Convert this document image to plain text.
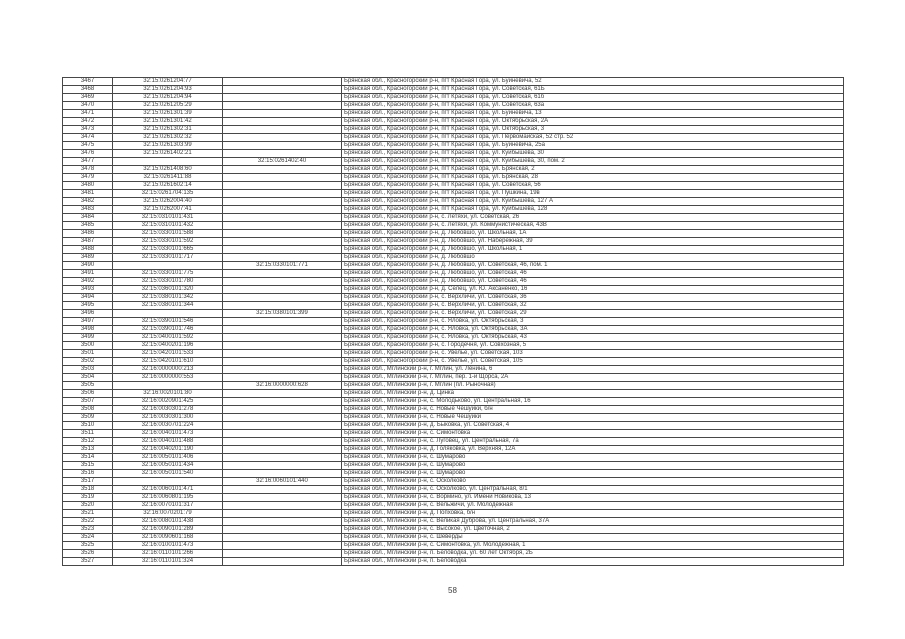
3467	32:15:0261204:77		Брянская обл., Красногорский р-н, пгт Красная Гора, ул. Буйневича, 52
3468	32:15:0261204:93		Брянская обл., Красногорский р-н, пгт Красная Гора, ул. Советская, 61Б
3469	32:15:0261204:94		Брянская обл., Красногорский р-н, пгт Красная Гора, ул. Советская, 61б
3470	32:15:0261205:29		Брянская обл., Красногорский р-н, пгт Красная Гора, ул. Советская, 63а
3471	32:15:0261301:39		Брянская обл., Красногорский р-н, пгт Красная Гора, ул. Буйневича, 13
3472	32:15:0261301:42		Брянская обл., Красногорский р-н, пгт Красная Гора, ул. Октябрьская, 2А
3473	32:15:0261302:31		Брянская обл., Красногорский р-н, пгт Красная Гора, ул. Октябрьская, 3
3474	32:15:0261302:32		Брянская обл., Красногорский р-н, пгт Красная Гора, ул. Первомайская, 52 стр. 52
3475	32:15:0261303:99		Брянская обл., Красногорский р-н, пгт Красная Гора, ул. Буйневича, 25а
3476	32:15:0261402:21		Брянская обл., Красногорский р-н, пгт Красная Гора, ул. Куйбышева, 30
3477		32:15:0261402:40	Брянская обл., Красногорский р-н, пгт Красная Гора, ул. Куйбышева, 30, пом. 2
3478	32:15:0261408:60		Брянская обл., Красногорский р-н, пгт Красная Гора, ул. Брянская, 2
3479	32:15:0261411:88		Брянская обл., Красногорский р-н, пгт Красная Гора, ул. Брянская, 28
3480	32:15:0261602:14		Брянская обл., Красногорский р-н, пгт Красная Гора, ул. Советская, 56
3481	32:15:0261704:135		Брянская обл., Красногорский р-н, пгт Красная Гора, ул. Пушкина, 19в
3482	32:15:0262004:40		Брянская обл., Красногорский р-н, пгт Красная Гора, ул. Куйбышева, 127 А
3483	32:15:0262007:41		Брянская обл., Красногорский р-н, пгт Красная Гора, ул. Куйбышева, 128
3484	32:15:0310101:431		Брянская обл., Красногорский р-н, с. Летяхи, ул. Советская, 26
3485	32:15:0310101:432		Брянская обл., Красногорский р-н, с. Летяхи, ул. Коммунистическая, 43В
3486	32:15:0330101:588		Брянская обл., Красногорский р-н, д. Любовшо, ул. Школьная, 1А
3487	32:15:0330101:592		Брянская обл., Красногорский р-н, д. Любовшо, ул. Набережная, 39
3488	32:15:0330101:665		Брянская обл., Красногорский р-н, д. Любовшо, ул. Школьная, 1
3489	32:15:0330101:717		Брянская обл., Красногорский р-н, д. Любовшо
3490		32:15:0330101:771	Брянская обл., Красногорский р-н, д. Любовшо, ул. Советская, 46, пом. 1
3491	32:15:0330101:775		Брянская обл., Красногорский р-н, д. Любовшо, ул. Советская, 46
3492	32:15:0330101:780		Брянская обл., Красногорский р-н, д. Любовшо, ул. Советская, 46
3493	32:15:0360101:320		Брянская обл., Красногорский р-н, д. Селец, ул. Ю. Аксаненко, 16
3494	32:15:0380101:342		Брянская обл., Красногорский р-н, с. Верхличи, ул. Советская, 36
3495	32:15:0380101:344		Брянская обл., Красногорский р-н, с. Верхличи, ул. Советская, 32
3496		32:15:0380101:399	Брянская обл., Красногорский р-н, с. Верхличи, ул. Советская, 29
3497	32:15:0390101:546		Брянская обл., Красногорский р-н, с. Яловка, ул. Октябрьская, 3
3498	32:15:0390101:746		Брянская обл., Красногорский р-н, с. Яловка, ул. Октябрьская, 3А
3499	32:15:0400101:592		Брянская обл., Красногорский р-н, с. Яловка, ул. Октябрьская, 43
3500	32:15:0400201:196		Брянская обл., Красногорский р-н, с. Городечня, ул. Совхозная, 5
3501	32:15:0420101:533		Брянская обл., Красногорский р-н, с. Увелье, ул. Советская, 103
3502	32:15:0420101:610		Брянская обл., Красногорский р-н, с. Увелье, ул. Советская, 105
3503	32:16:0000000:213		Брянская обл., Мглинский р-н, г. Мглин, ул. Ленина, 6
3504	32:16:0000000:553		Брянская обл., Мглинский р-н, г. Мглин, пер. 1-й Щорса, 2А
3505		32:16:0000000:628	Брянская обл., Мглинский р-н, г. Мглин (пл. Рыночная)
3506	32:16:0020101:80		Брянская обл., Мглинский р-н, д. Цинка
3507	32:16:0020901:425		Брянская обл., Мглинский р-н, с. Молодьково, ул. Центральная, 16
3508	32:16:0030301:278		Брянская обл., Мглинский р-н, с. Новые Чешуйки, б/н
3509	32:16:0030301:300		Брянская обл., Мглинский р-н, с. Новые Чешуйки
3510	32:16:0030701:224		Брянская обл., Мглинский р-н, д. Быковка, ул. Советская, 4
3511	32:16:0040101:473		Брянская обл., Мглинский р-н, с. Симонтовка
3512	32:16:0040101:488		Брянская обл., Мглинский р-н, с. Луговец, ул. Центральная, 7а
3513	32:16:0040201:190		Брянская обл., Мглинский р-н, д. Голяковка, ул. Верхняя, 12А
3514	32:16:0050101:406		Брянская обл., Мглинский р-н, с. Шумарово
3515	32:16:0050101:434		Брянская обл., Мглинский р-н, с. Шумарово
3516	32:16:0050101:540		Брянская обл., Мглинский р-н, с. Шумарово
3517		32:16:0060101:440	Брянская обл., Мглинский р-н, с. Осколково
3518	32:16:0060101:471		Брянская обл., Мглинский р-н, с. Осколково, ул. Центральная, 8/1
3519	32:16:0060801:195		Брянская обл., Мглинский р-н, с. Вормино, ул. Имени Новикова, 13
3520	32:16:0070101:317		Брянская обл., Мглинский р-н, с. Вельжичи, ул. Молодежная
3521	32:16:0070201:79		Брянская обл., Мглинский р-н, д. Попховка, б/н
3522	32:16:0080101:438		Брянская обл., Мглинский р-н, с. Великая Дуброва, ул. Центральная, 37А
3523	32:16:0090101:289		Брянская обл., Мглинский р-н, с. Высокое, ул. Цветочная, 2
3524	32:16:0090601:168		Брянская обл., Мглинский р-н, с. Шеверды
3525	32:16:0100101:473		Брянская обл., Мглинский р-н, с. Симонтовка, ул. Молодежная, 1
3526	32:16:0110101:266		Брянская обл., Мглинский р-н, п. Беловодка, ул. 60 лет Октября, 2Б
3527	32:16:0110101:324		Брянская обл., Мглинский р-н, п. Беловодка
58
